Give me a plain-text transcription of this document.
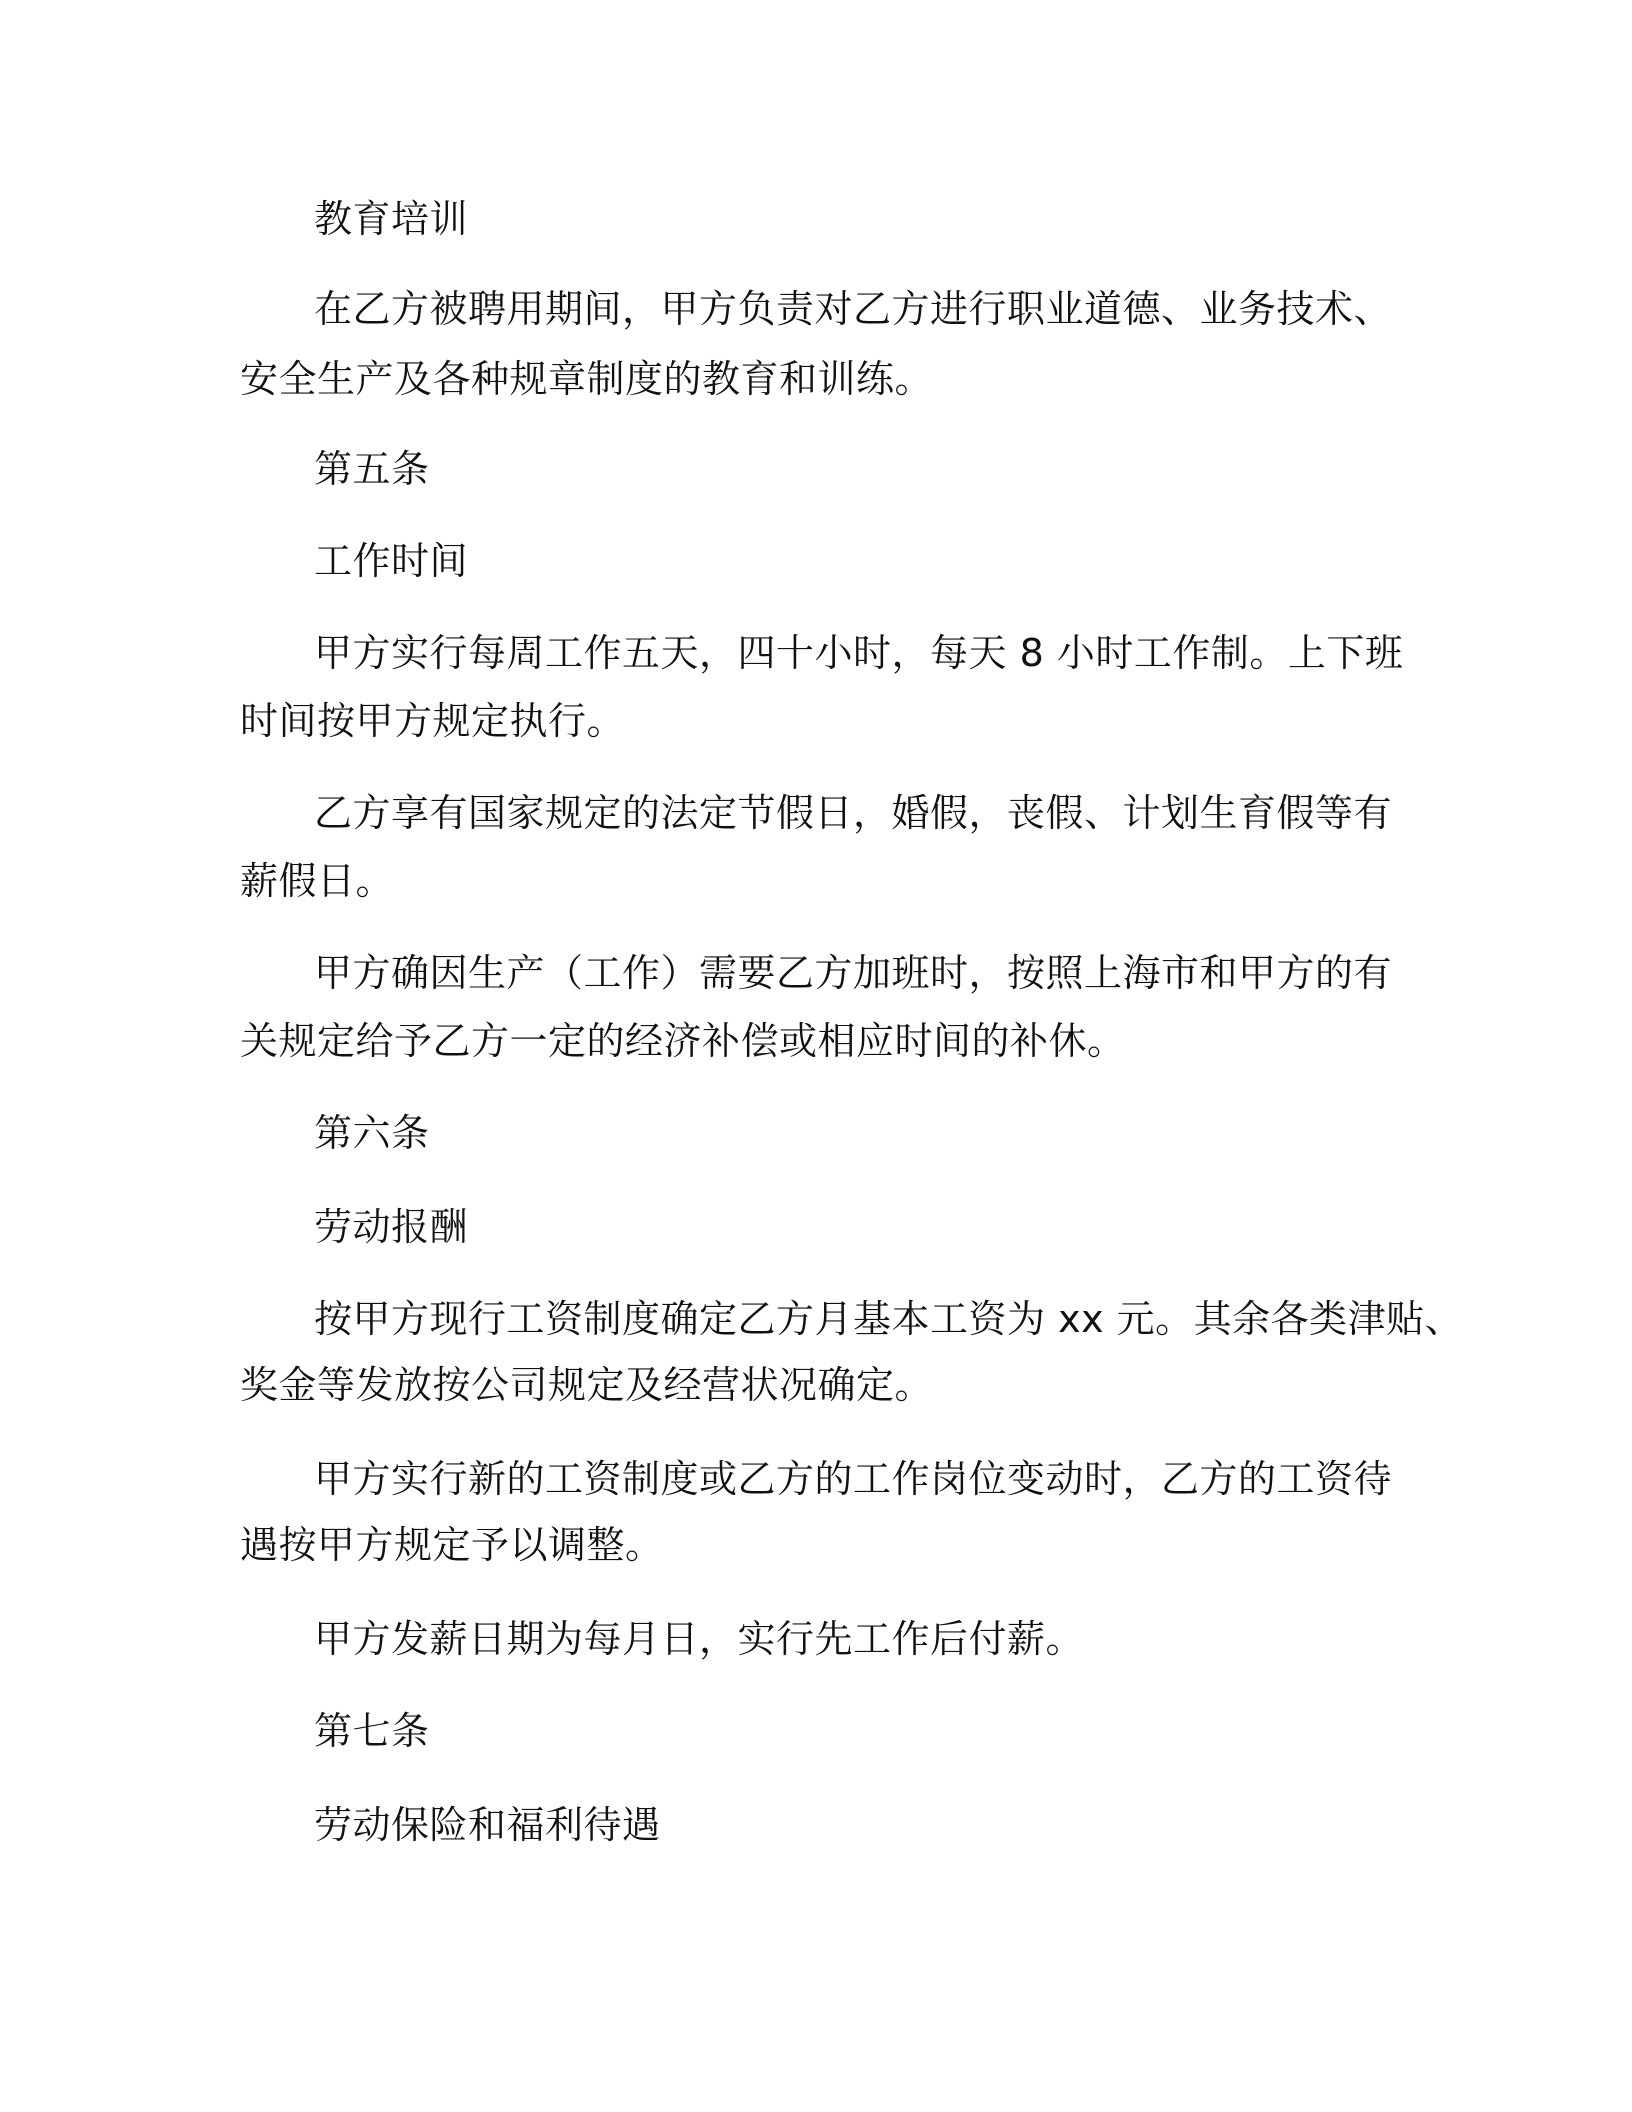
教育培训
在乙方被聘用期间，甲方负责对乙方进行职业道德、业务技术、
安全生产及各种规章制度的教育和训练。
第五条
工作时间
甲方实行每周工作五天，四十小时，每天 8 小时工作制。上下班
时间按甲方规定执行。
乙方享有国家规定的法定节假日，婚假，丧假、计划生育假等有
薪假日。
甲方确因生产（工作）需要乙方加班时，按照上海市和甲方的有
关规定给予乙方一定的经济补偿或相应时间的补休。
第六条
劳动报酬
按甲方现行工资制度确定乙方月基本工资为 xx 元。其余各类津贴、
奖金等发放按公司规定及经营状况确定。
甲方实行新的工资制度或乙方的工作岗位变动时，乙方的工资待
遇按甲方规定予以调整。
甲方发薪日期为每月日，实行先工作后付薪。
第七条
劳动保险和福利待遇
